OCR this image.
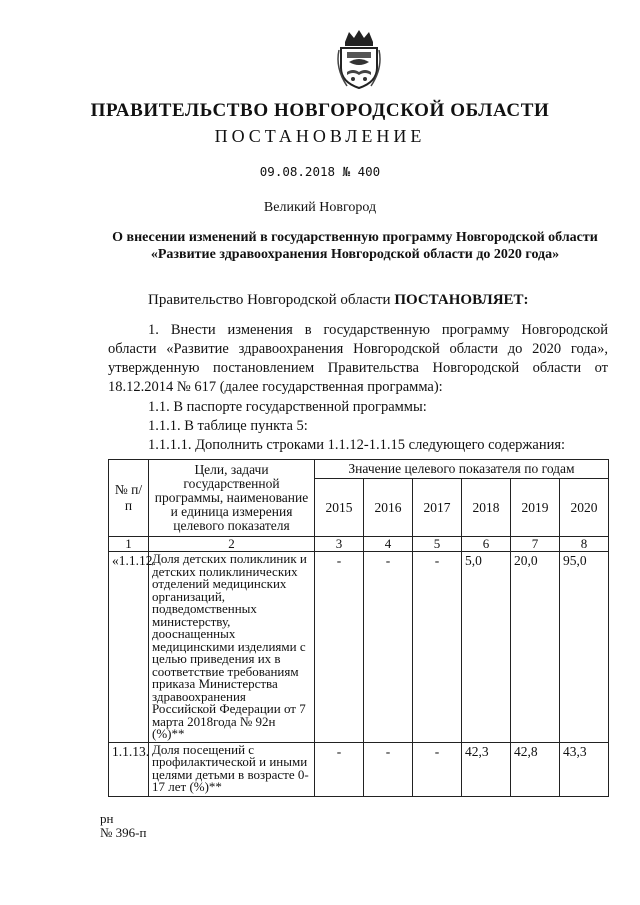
ПРАВИТЕЛЬСТВО НОВГОРОДСКОЙ ОБЛАСТИ
ПОСТАНОВЛЕНИЕ
09.08.2018 № 400
Великий Новгород
О внесении изменений в государственную программу Новгородской области «Развитие здравоохранения Новгородской области до 2020 года»

Правительство Новгородской области ПОСТАНОВЛЯЕТ:

1. Внести изменения в государственную программу Новгородской области «Развитие здравоохранения Новгородской области до 2020 года», утвержденную постановлением Правительства Новгородской области от 18.12.2014 № 617 (далее государственная программа):

1.1. В паспорте государственной программы:

1.1.1. В таблице пункта 5:

1.1.1.1. Дополнить строками 1.1.12-1.1.15 следующего содержания:

№ п/п	Цели, задачи государственной программы, наименование и единица измерения целевого показателя	Значение целевого показателя по годам					
		2015	2016	2017	2018	2019	2020
1	2	3	4	5	6	7	8
«1.1.12.	Доля детских поликлиник и детских поликлинических отделений медицинских организаций, подведомственных министерству, дооснащенных медицинскими изделиями с целью приведения их в соответствие требованиям приказа Министерства здравоохранения Российской Федерации от 7 марта 2018года № 92н (%)**	-	-	-	5,0	20,0	95,0
1.1.13.	Доля посещений с профилактической и иными целями детьми в возрасте 0-17 лет (%)**	-	-	-	42,3	42,8	43,3
рн
№ 396-п
